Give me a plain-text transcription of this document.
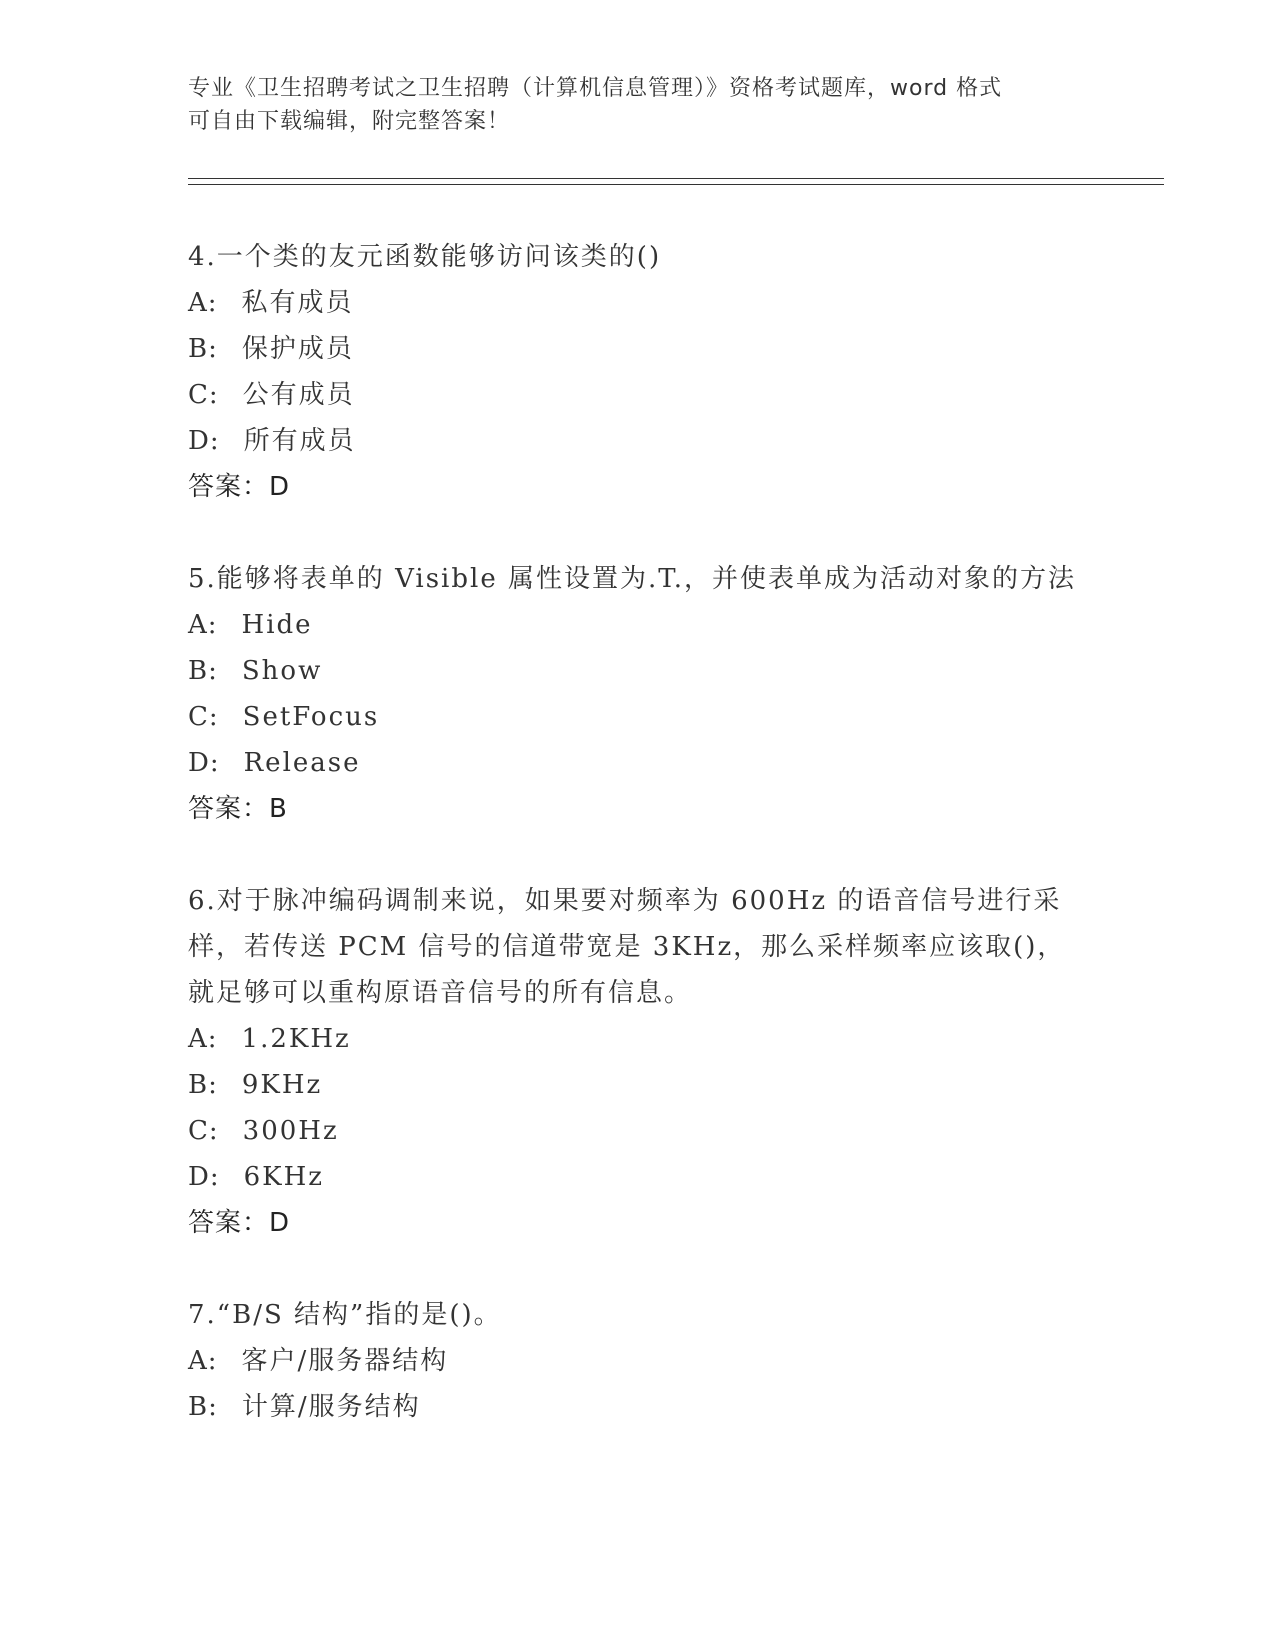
专业《卫生招聘考试之卫生招聘（计算机信息管理）》资格考试题库，word 格式
可自由下载编辑，附完整答案！

4.一个类的友元函数能够访问该类的()

A: 私有成员
B: 保护成员
C: 公有成员
D: 所有成员
答案：D

5.能够将表单的 Visible 属性设置为.T.，并使表单成为活动对象的方法

A: Hide
B: Show
C: SetFocus
D: Release
答案：B

6.对于脉冲编码调制来说，如果要对频率为 600Hz 的语音信号进行采样，若传送 PCM 信号的信道带宽是 3KHz，那么采样频率应该取()，就足够可以重构原语音信号的所有信息。

A: 1.2KHz
B: 9KHz
C: 300Hz
D: 6KHz
答案：D

7.“B/S 结构”指的是()。

A: 客户/服务器结构
B: 计算/服务结构
